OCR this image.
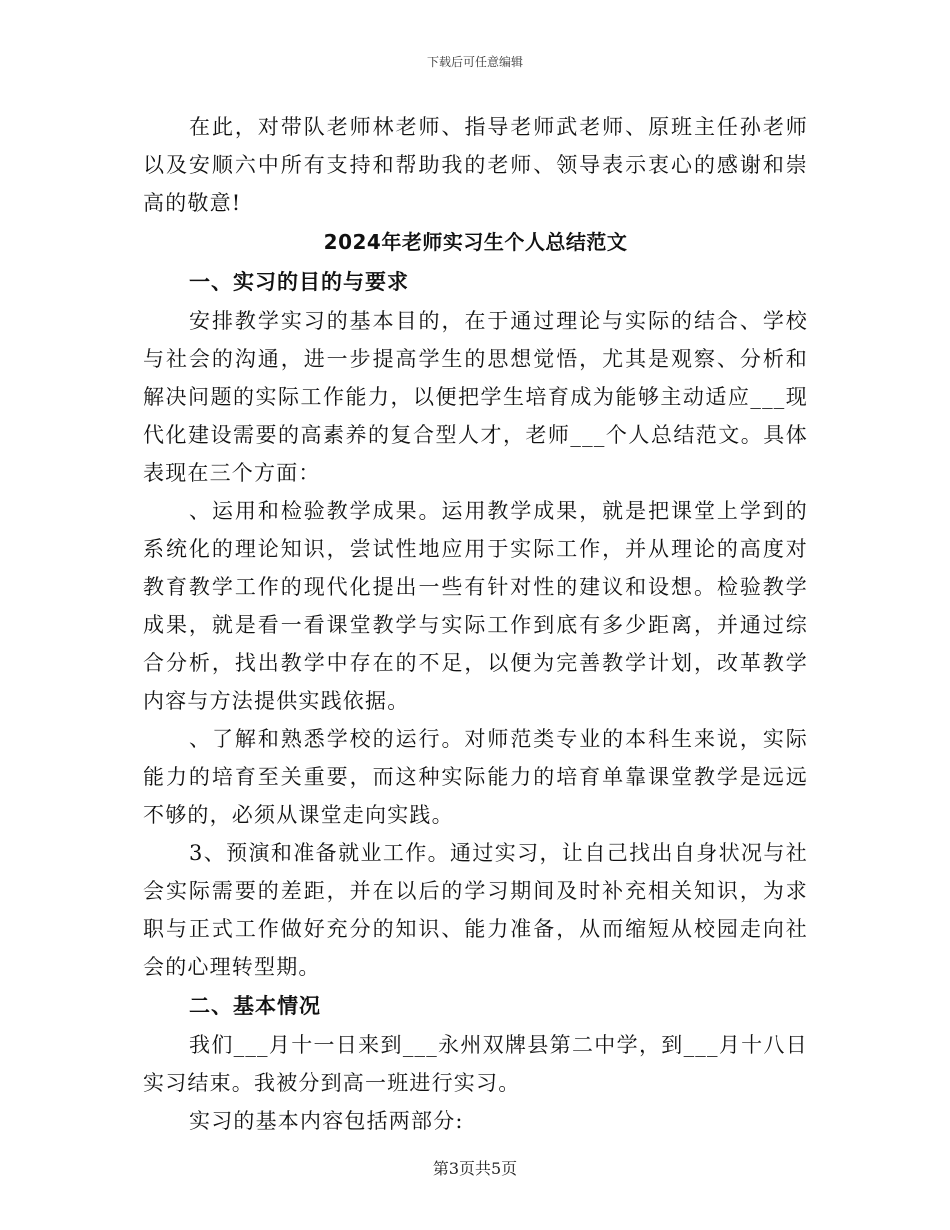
下载后可任意编辑

在此，对带队老师林老师、指导老师武老师、原班主任孙老师以及安顺六中所有支持和帮助我的老师、领导表示衷心的感谢和崇高的敬意!

2024年老师实习生个人总结范文

一、实习的目的与要求

安排教学实习的基本目的，在于通过理论与实际的结合、学校与社会的沟通，进一步提高学生的思想觉悟，尤其是观察、分析和解决问题的实际工作能力，以便把学生培育成为能够主动适应___现代化建设需要的高素养的复合型人才，老师___个人总结范文。具体表现在三个方面：

、运用和检验教学成果。运用教学成果，就是把课堂上学到的系统化的理论知识，尝试性地应用于实际工作，并从理论的高度对教育教学工作的现代化提出一些有针对性的建议和设想。检验教学成果，就是看一看课堂教学与实际工作到底有多少距离，并通过综合分析，找出教学中存在的不足，以便为完善教学计划，改革教学内容与方法提供实践依据。

、了解和熟悉学校的运行。对师范类专业的本科生来说，实际能力的培育至关重要，而这种实际能力的培育单靠课堂教学是远远不够的，必须从课堂走向实践。

3、预演和准备就业工作。通过实习，让自己找出自身状况与社会实际需要的差距，并在以后的学习期间及时补充相关知识，为求职与正式工作做好充分的知识、能力准备，从而缩短从校园走向社会的心理转型期。

二、基本情况

我们___月十一日来到___永州双牌县第二中学，到___月十八日实习结束。我被分到高一班进行实习。

实习的基本内容包括两部分:

第3页共5页
